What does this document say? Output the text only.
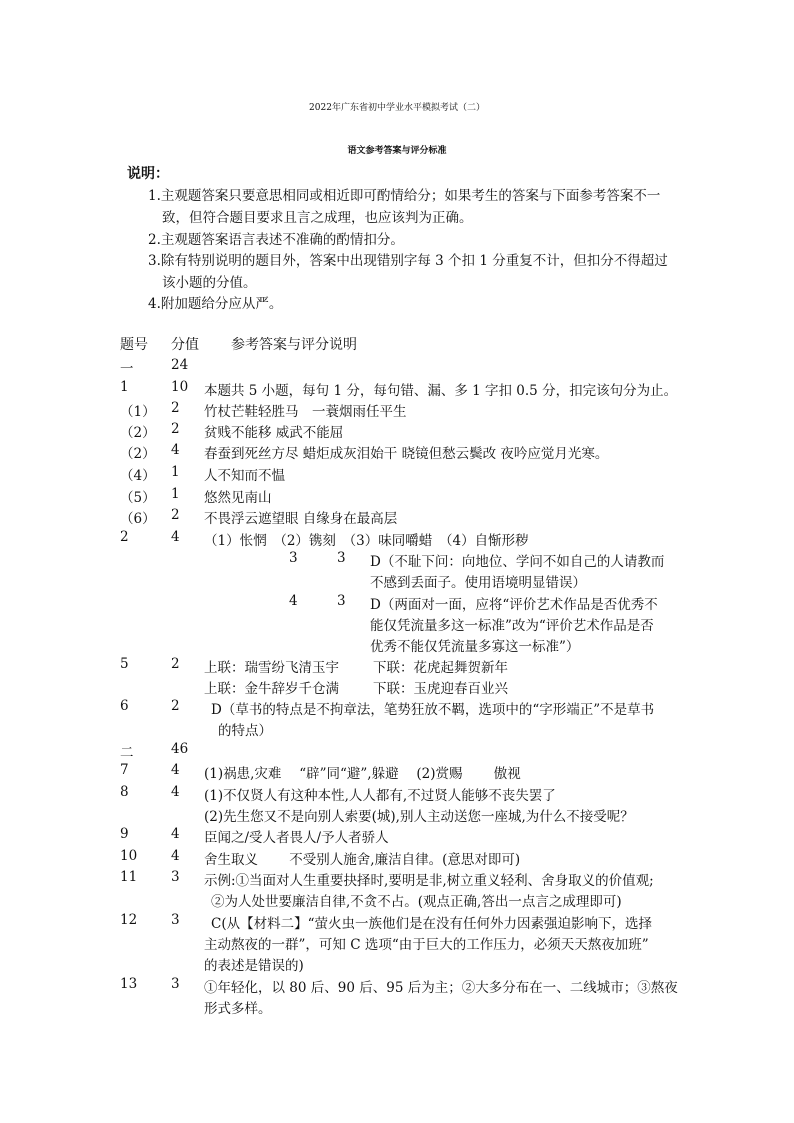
2022年广东省初中学业水平模拟考试（二）
语文参考答案与评分标准
说明：
1.主观题答案只要意思相同或相近即可酌情给分；如果考生的答案与下面参考答案不一
致，但符合题目要求且言之成理，也应该判为正确。
2.主观题答案语言表述不准确的酌情扣分。
3.除有特别说明的题目外，答案中出现错别字每 3 个扣 1 分重复不计，但扣分不得超过
该小题的分值。
4.附加题给分应从严。
题号 分值 参考答案与评分说明
一	24
1	10 本题共 5 小题，每句 1 分，每句错、漏、多 1 字扣 0.5 分，扣完该句分为止。
（1） 2 竹杖芒鞋轻胜马　一蓑烟雨任平生
（2） 2 贫贱不能移 威武不能屈
（2） 4 春蚕到死丝方尽 蜡炬成灰泪始干 晓镜但愁云鬓改 夜吟应觉月光寒。
（4） 1 人不知而不愠
（5） 1 悠然见南山
（6） 2 不畏浮云遮望眼 自缘身在最高层
2	4 （1）怅惘　（2）镌刻　（3）味同嚼蜡　（4）自惭形秽
3	3 D（不耻下问：向地位、学问不如自己的人请教而
不感到丢面子。使用语境明显错误）
4	3 D（两面对一面，应将“评价艺术作品是否优秀不
能仅凭流量多这一标准”改为“评价艺术作品是否
优秀不能仅凭流量多寡这一标准”）
5	2 上联：瑞雪纷飞清玉宇	下联：花虎起舞贺新年
上联：金牛辞岁千仓满	下联：玉虎迎春百业兴
6	2 D（草书的特点是不拘章法，笔势狂放不羁，选项中的“字形端正”不是草书
的特点）
二	46
7	4 (1)祸患,灾难　 “辟”同“避”,躲避　 (2)赏赐　　 傲视
8	4 (1)不仅贤人有这种本性,人人都有,不过贤人能够不丧失罢了
(2)先生您又不是向别人索要(城),别人主动送您一座城,为什么不接受呢？
9	4 臣闻之/受人者畏人/予人者骄人
10	4 舍生取义　　 不受别人施舍,廉洁自律。(意思对即可)
11	3 示例:①当面对人生重要抉择时,要明是非,树立重义轻利、舍身取义的价值观;
②为人处世要廉洁自律,不贪不占。(观点正确,答出一点言之成理即可)
12	3 C(从【材料二】“萤火虫一族他们是在没有任何外力因素强迫影响下，选择
主动熬夜的一群”，可知 C 选项“由于巨大的工作压力，必须天天熬夜加班”
的表述是错误的)
13	3 ①年轻化，以 80 后、90 后、95 后为主；②大多分布在一、二线城市；③熬夜
形式多样。
